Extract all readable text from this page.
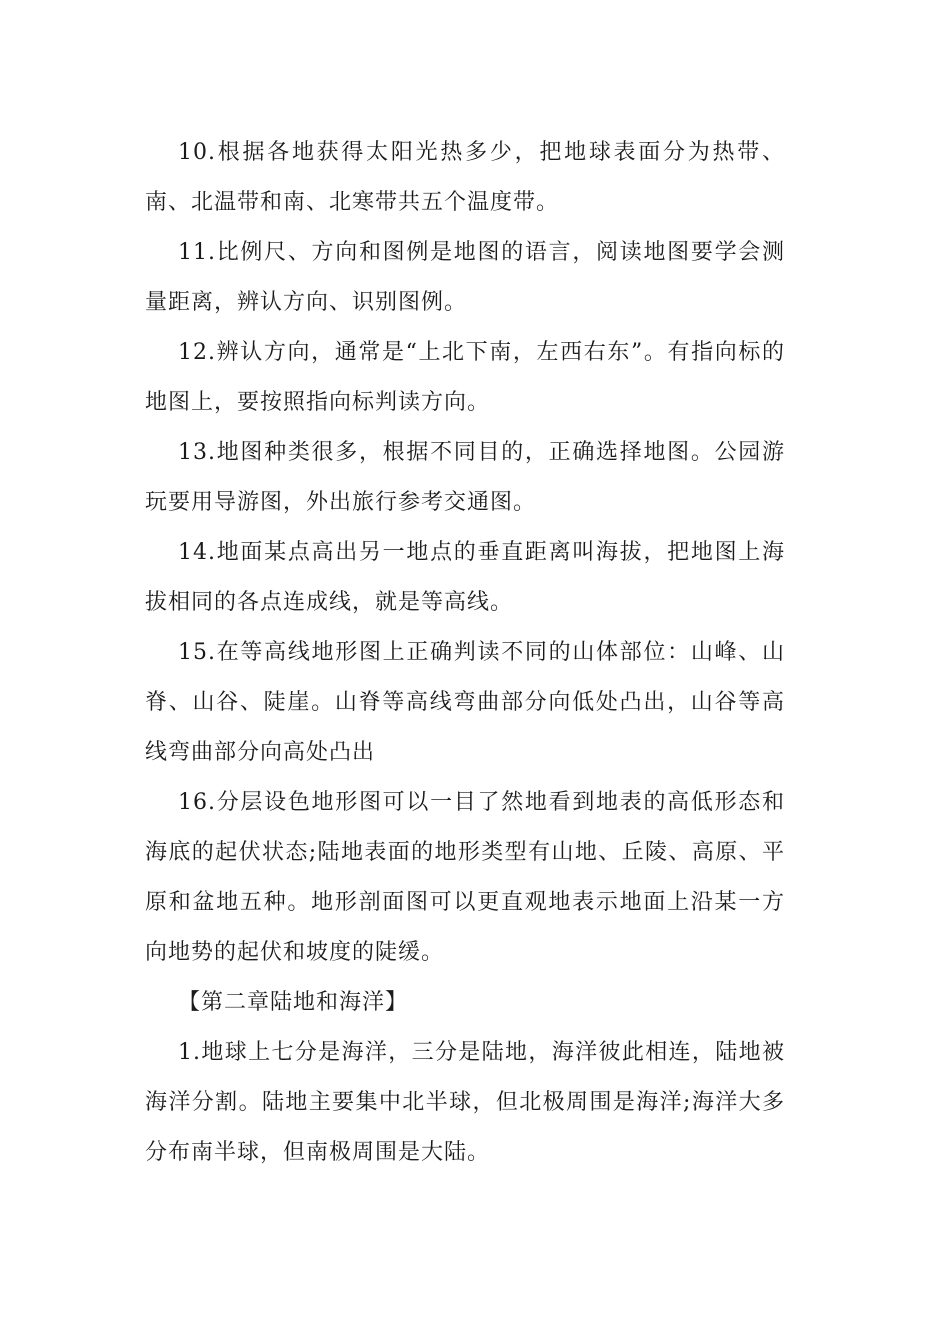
10.根据各地获得太阳光热多少，把地球表面分为热带、南、北温带和南、北寒带共五个温度带。

11.比例尺、方向和图例是地图的语言，阅读地图要学会测量距离，辨认方向、识别图例。

12.辨认方向，通常是“上北下南，左西右东”。有指向标的地图上，要按照指向标判读方向。

13.地图种类很多，根据不同目的，正确选择地图。公园游玩要用导游图，外出旅行参考交通图。

14.地面某点高出另一地点的垂直距离叫海拔，把地图上海拔相同的各点连成线，就是等高线。

15.在等高线地形图上正确判读不同的山体部位：山峰、山脊、山谷、陡崖。山脊等高线弯曲部分向低处凸出，山谷等高线弯曲部分向高处凸出

16.分层设色地形图可以一目了然地看到地表的高低形态和海底的起伏状态;陆地表面的地形类型有山地、丘陵、高原、平原和盆地五种。地形剖面图可以更直观地表示地面上沿某一方向地势的起伏和坡度的陡缓。

【第二章陆地和海洋】

1.地球上七分是海洋，三分是陆地，海洋彼此相连，陆地被海洋分割。陆地主要集中北半球，但北极周围是海洋;海洋大多分布南半球，但南极周围是大陆。
